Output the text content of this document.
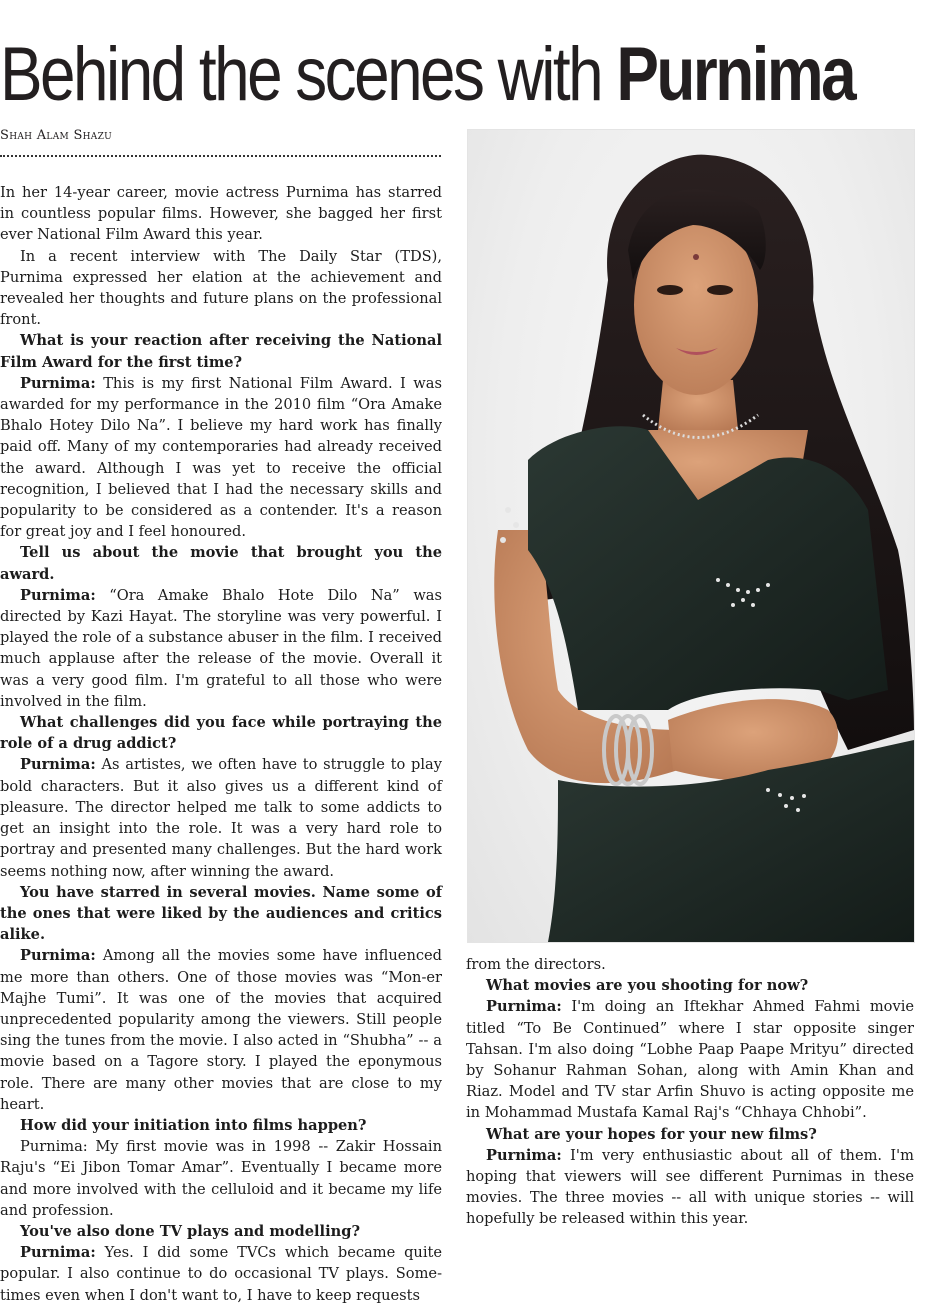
Behind the scenes with Purnima
Shah Alam Shazu

In her 14-year career, movie actress Purnima has starred in countless popular films. However, she bagged her first ever National Film Award this year.

In a recent interview with The Daily Star (TDS), Purnima expressed her elation at the achievement and revealed her thoughts and future plans on the professional front.

What is your reaction after receiving the National Film Award for the first time?

Purnima: This is my first National Film Award. I was awarded for my performance in the 2010 film “Ora Amake Bhalo Hotey Dilo Na”. I believe my hard work has finally paid off. Many of my contemporaries had already received the award. Although I was yet to receive the official recognition, I believed that I had the necessary skills and popularity to be considered as a contender. It's a reason for great joy and I feel honoured.

Tell us about the movie that brought you the award.

Purnima: “Ora Amake Bhalo Hote Dilo Na” was directed by Kazi Hayat. The storyline was very powerful. I played the role of a substance abuser in the film. I received much applause after the release of the movie. Overall it was a very good film. I'm grateful to all those who were involved in the film.

What challenges did you face while portraying the role of a drug addict?

Purnima: As artistes, we often have to struggle to play bold characters. But it also gives us a different kind of pleasure. The director helped me talk to some addicts to get an insight into the role. It was a very hard role to portray and presented many challenges. But the hard work seems nothing now, after winning the award.

You have starred in several movies. Name some of the ones that were liked by the audiences and critics alike.

Purnima: Among all the movies some have influenced me more than others. One of those movies was “Mon-er Majhe Tumi”. It was one of the movies that acquired unprecedented popularity among the viewers. Still people sing the tunes from the movie. I also acted in “Shubha” -- a movie based on a Tagore story. I played the eponymous role. There are many other movies that are close to my heart.

How did your initiation into films happen?

Purnima: My first movie was in 1998 -- Zakir Hossain Raju's “Ei Jibon Tomar Amar”. Eventually I became more and more involved with the celluloid and it became my life and profession.

You've also done TV plays and modelling?

Purnima: Yes. I did some TVCs which became quite popular. I also continue to do occasional TV plays. Sometimes even when I don't want to, I have to keep requests

from the directors.

What movies are you shooting for now?

Purnima: I'm doing an Iftekhar Ahmed Fahmi movie titled “To Be Continued” where I star opposite singer Tahsan. I'm also doing “Lobhe Paap Paape Mrityu” directed by Sohanur Rahman Sohan, along with Amin Khan and Riaz. Model and TV star Arfin Shuvo is acting opposite me in Mohammad Mustafa Kamal Raj's “Chhaya Chhobi”.

What are your hopes for your new films?

Purnima: I'm very enthusiastic about all of them. I'm hoping that viewers will see different Purnimas in these movies. The three movies -- all with unique stories -- will hopefully be released within this year.
